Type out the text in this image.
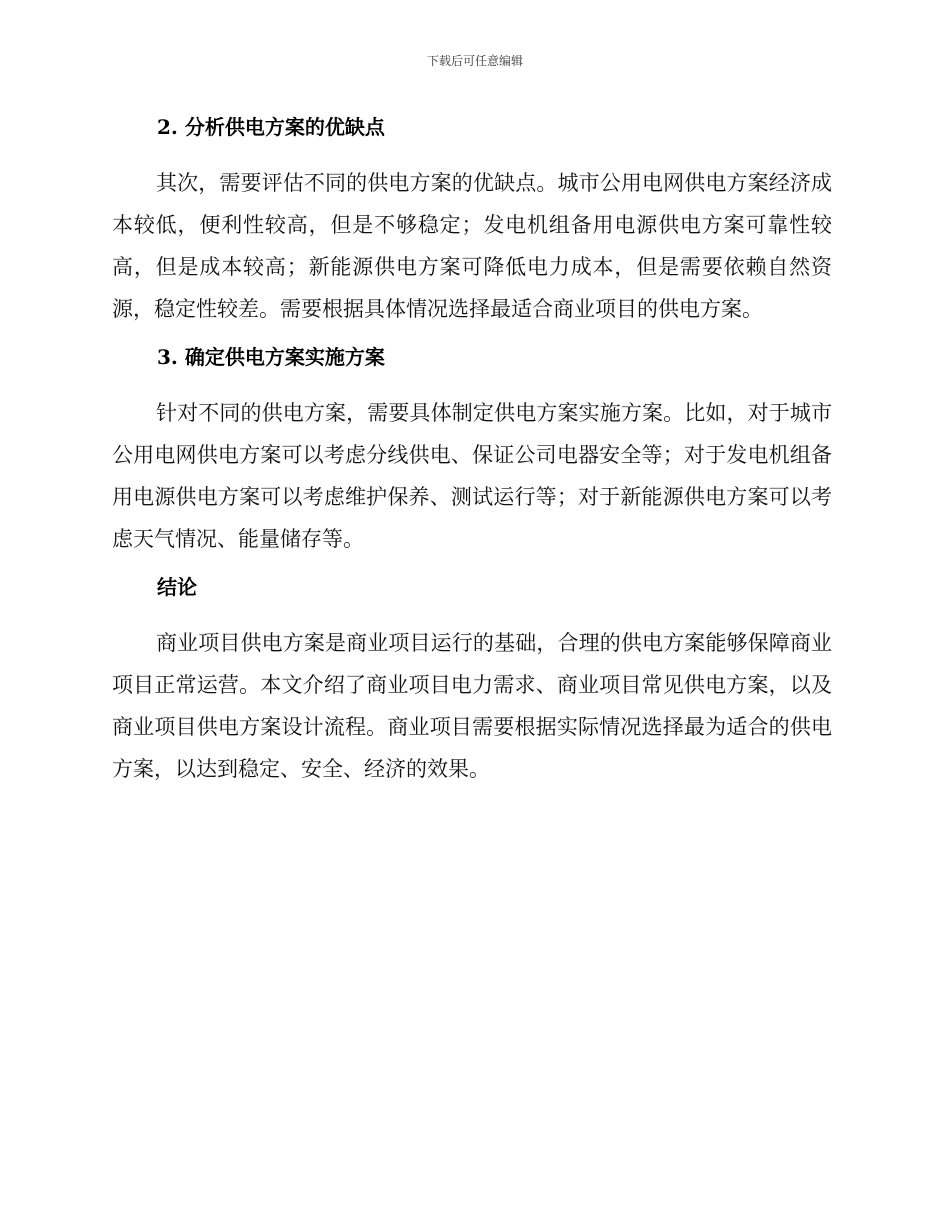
下载后可任意编辑
2. 分析供电方案的优缺点

其次，需要评估不同的供电方案的优缺点。城市公用电网供电方案经济成本较低，便利性较高，但是不够稳定；发电机组备用电源供电方案可靠性较高，但是成本较高；新能源供电方案可降低电力成本，但是需要依赖自然资源，稳定性较差。需要根据具体情况选择最适合商业项目的供电方案。

3. 确定供电方案实施方案

针对不同的供电方案，需要具体制定供电方案实施方案。比如，对于城市公用电网供电方案可以考虑分线供电、保证公司电器安全等；对于发电机组备用电源供电方案可以考虑维护保养、测试运行等；对于新能源供电方案可以考虑天气情况、能量储存等。

结论

商业项目供电方案是商业项目运行的基础，合理的供电方案能够保障商业项目正常运营。本文介绍了商业项目电力需求、商业项目常见供电方案，以及商业项目供电方案设计流程。商业项目需要根据实际情况选择最为适合的供电方案，以达到稳定、安全、经济的效果。
